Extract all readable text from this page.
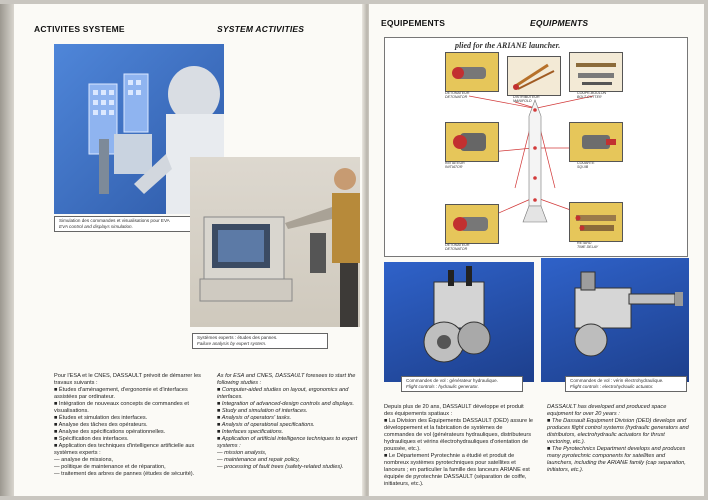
ACTIVITES SYSTEME	SYSTEM ACTIVITIES
Simulation des commandes et visualisations pour EVA
EVA control and displays simulation.
Systèmes experts : études des pannes.
Failure analysis by expert system.

Pour l'ESA et le CNES, DASSAULT prévoit de démarrer les travaux suivants :

■ Études d'aménagement, d'ergonomie et d'interfaces assistées par ordinateur.

■ Intégration de nouveaux concepts de commandes et visualisations.

■ Études et simulation des interfaces.

■ Analyse des tâches des opérateurs.

■ Analyse des spécifications opérationnelles.

■ Spécification des interfaces.

■ Application des techniques d'intelligence artificielle aux systèmes experts :

— analyse de missions,

— politique de maintenance et de réparation,

— traitement des arbres de pannes (études de sécurité).

As for ESA and CNES, DASSAULT foresees to start the following studies :

■ Computer-aided studies on layout, ergonomics and interfaces.

■ Integration of advanced-design controls and displays.

■ Study and simulation of interfaces.

■ Analysis of operators' tasks.

■ Analysis of operational specifications.

■ Interfaces specifications.

■ Application of artificial intelligence techniques to expert systems :

— mission analysis,

— maintenance and repair policy,

— processing of fault trees (safety-related studies).

EQUIPEMENTS	EQUIPMENTS
plied for the ARIANE launcher.
DÉTONATEUR
DETONATOR	DISTRIBUTEUR
MANIFOLD
COUPE-BOULON
BOLT-CUTTER
INITIATEUR
INITIATOR
COUARTE
SQUIB
DÉTONATEUR
DETONATOR
RETARD
TIME DELAY
Commandes de vol : générateur hydraulique.
Flight controls : hydraulic generator.
Commandes de vol : vérin électrohydraulique.
Flight controls : electrohydraulic actuator.

Depuis plus de 20 ans, DASSAULT développe et produit des équipements spatiaux :

■ La Division des Équipements DASSAULT (DED) assure le développement et la fabrication de systèmes de commandes de vol (générateurs hydrauliques, distributeurs hydrauliques et vérins électrohydrauliques d'orientation de poussée, etc.).

■ Le Département Pyrotechnie a étudié et produit de nombreux systèmes pyrotechniques pour satellites et lanceurs ; en particulier la famille des lanceurs ARIANE est équipée de pyrotechnie DASSAULT (séparation de coiffe, initiateurs, etc.).

DASSAULT has developed and produced space equipment for over 20 years :

■ The Dassault Equipment Division (DED) develops and produces flight control systems (hydraulic generators and distributors, electrohydraulic actuators for thrust vectoring, etc.).

■ The Pyrotechnics Department develops and produces many pyrotechnic components for satellites and launchers, including the ARIANE family (cap separation, initiators, etc.).
